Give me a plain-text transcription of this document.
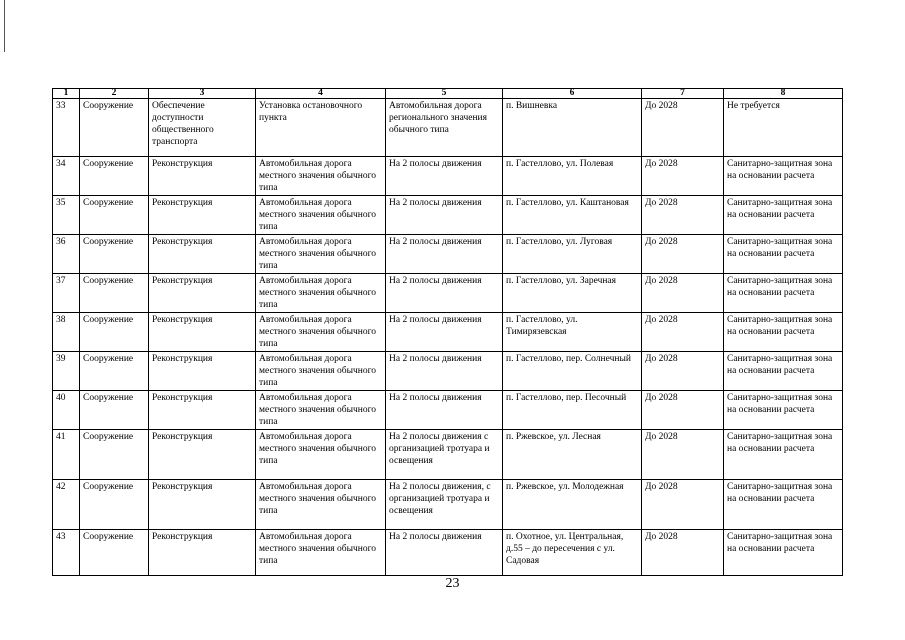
1	2	3	4	5	6	7	8
33	Сооружение	Обеспечение доступности общественного транспорта	Установка остановочного пункта	Автомобильная дорога регионального значения обычного типа	п. Вишневка	До 2028	Не требуется
34	Сооружение	Реконструкция	Автомобильная дорога местного значения обычного типа	На 2 полосы движения	п. Гастеллово, ул. Полевая	До 2028	Санитарно-защитная зона на основании расчета
35	Сооружение	Реконструкция	Автомобильная дорога местного значения обычного типа	На 2 полосы движения	п. Гастеллово, ул. Каштановая	До 2028	Санитарно-защитная зона на основании расчета
36	Сооружение	Реконструкция	Автомобильная дорога местного значения обычного типа	На 2 полосы движения	п. Гастеллово, ул. Луговая	До 2028	Санитарно-защитная зона на основании расчета
37	Сооружение	Реконструкция	Автомобильная дорога местного значения обычного типа	На 2 полосы движения	п. Гастеллово, ул. Заречная	До 2028	Санитарно-защитная зона на основании расчета
38	Сооружение	Реконструкция	Автомобильная дорога местного значения обычного типа	На 2 полосы движения	п. Гастеллово, ул. Тимирязевская	До 2028	Санитарно-защитная зона на основании расчета
39	Сооружение	Реконструкция	Автомобильная дорога местного значения обычного типа	На 2 полосы движения	п. Гастеллово, пер. Солнечный	До 2028	Санитарно-защитная зона на основании расчета
40	Сооружение	Реконструкция	Автомобильная дорога местного значения обычного типа	На 2 полосы движения	п. Гастеллово, пер. Песочный	До 2028	Санитарно-защитная зона на основании расчета
41	Сооружение	Реконструкция	Автомобильная дорога местного значения обычного типа	На 2 полосы движения с организацией тротуара и освещения	п. Ржевское, ул. Лесная	До 2028	Санитарно-защитная зона на основании расчета
42	Сооружение	Реконструкция	Автомобильная дорога местного значения обычного типа	На 2 полосы движения, с организацией тротуара и освещения	п. Ржевское, ул. Молодежная	До 2028	Санитарно-защитная зона на основании расчета
43	Сооружение	Реконструкция	Автомобильная дорога местного значения обычного типа	На 2 полосы движения	п. Охотное, ул. Центральная, д.55 – до пересечения с ул. Садовая	До 2028	Санитарно-защитная зона на основании расчета
23
